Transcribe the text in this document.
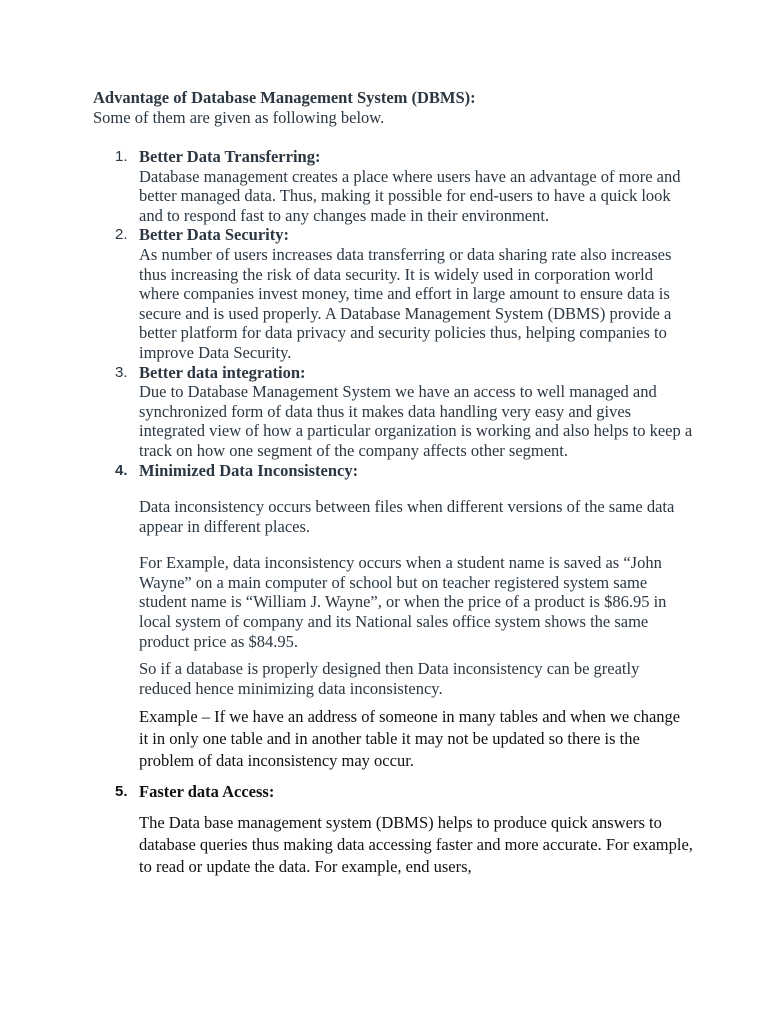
Advantage of Database Management System (DBMS):

Some of them are given as following below.

1. Better Data Transferring:

Database management creates a place where users have an advantage of more and better managed data. Thus, making it possible for end-users to have a quick look and to respond fast to any changes made in their environment.

2. Better Data Security:

As number of users increases data transferring or data sharing rate also increases thus increasing the risk of data security. It is widely used in corporation world where companies invest money, time and effort in large amount to ensure data is secure and is used properly. A Database Management System (DBMS) provide a better platform for data privacy and security policies thus, helping companies to improve Data Security.

3. Better data integration:

Due to Database Management System we have an access to well managed and synchronized form of data thus it makes data handling very easy and gives integrated view of how a particular organization is working and also helps to keep a track on how one segment of the company affects other segment.

4. Minimized Data Inconsistency:

Data inconsistency occurs between files when different versions of the same data appear in different places.

For Example, data inconsistency occurs when a student name is saved as “John Wayne” on a main computer of school but on teacher registered system same student name is “William J. Wayne”, or when the price of a product is $86.95 in local system of company and its National sales office system shows the same product price as $84.95.

So if a database is properly designed then Data inconsistency can be greatly reduced hence minimizing data inconsistency.

Example – If we have an address of someone in many tables and when we change it in only one table and in another table it may not be updated so there is the problem of data inconsistency may occur.

5. Faster data Access:

The Data base management system (DBMS) helps to produce quick answers to database queries thus making data accessing faster and more accurate. For example, to read or update the data. For example, end users,
